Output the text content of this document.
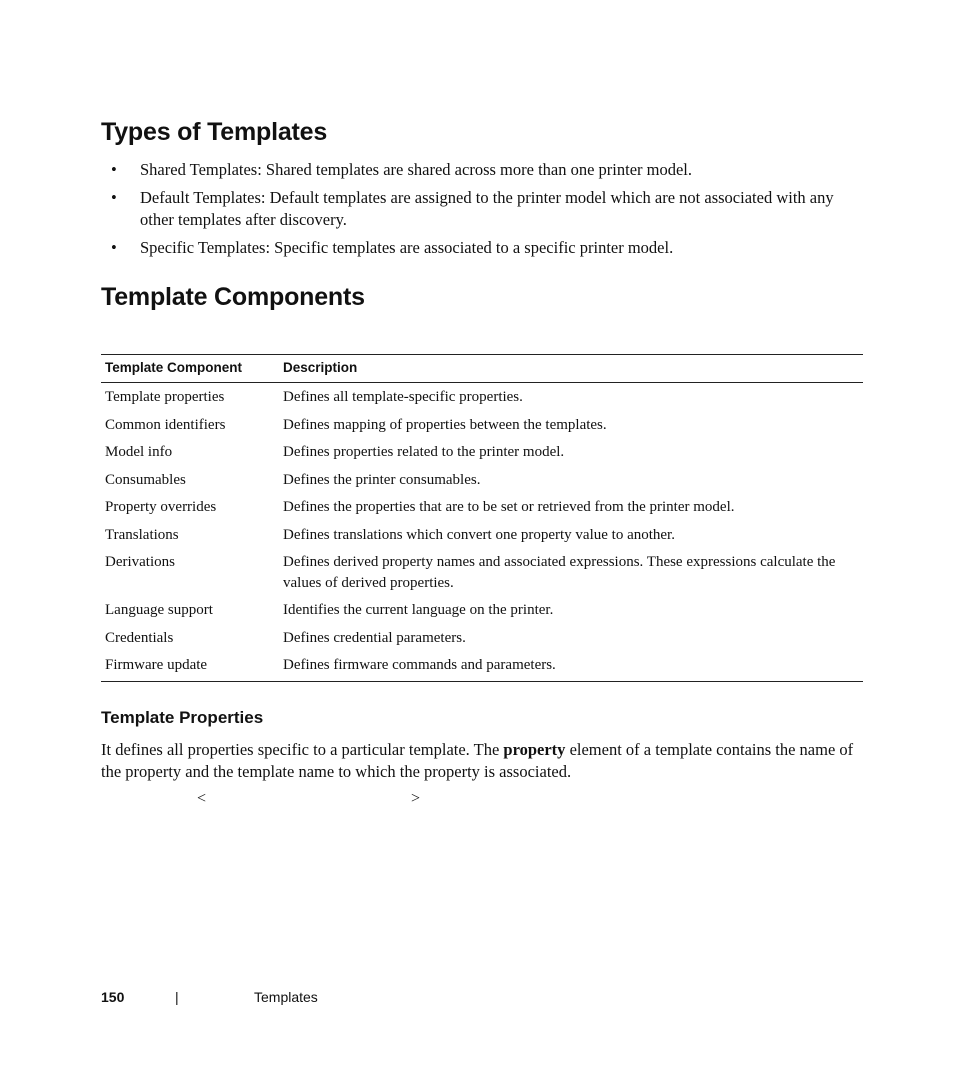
Types of Templates
• Shared Templates: Shared templates are shared across more than one printer model.
• Default Templates: Default templates are assigned to the printer model which are not associated with any other templates after discovery.
• Specific Templates: Specific templates are associated to a specific printer model.
Template Components
Template Component	Description
Template properties	Defines all template-specific properties.
Common identifiers	Defines mapping of properties between the templates.
Model info	Defines properties related to the printer model.
Consumables	Defines the printer consumables.
Property overrides	Defines the properties that are to be set or retrieved from the printer model.
Translations	Defines translations which convert one property value to another.
Derivations	Defines derived property names and associated expressions. These expressions calculate the values of derived properties.
Language support	Identifies the current language on the printer.
Credentials	Defines credential parameters.
Firmware update	Defines firmware commands and parameters.
Template Properties

It defines all properties specific to a particular template. The property element of a template contains the name of the property and the template name to which the property is associated.

<	>
150	|	Templates
